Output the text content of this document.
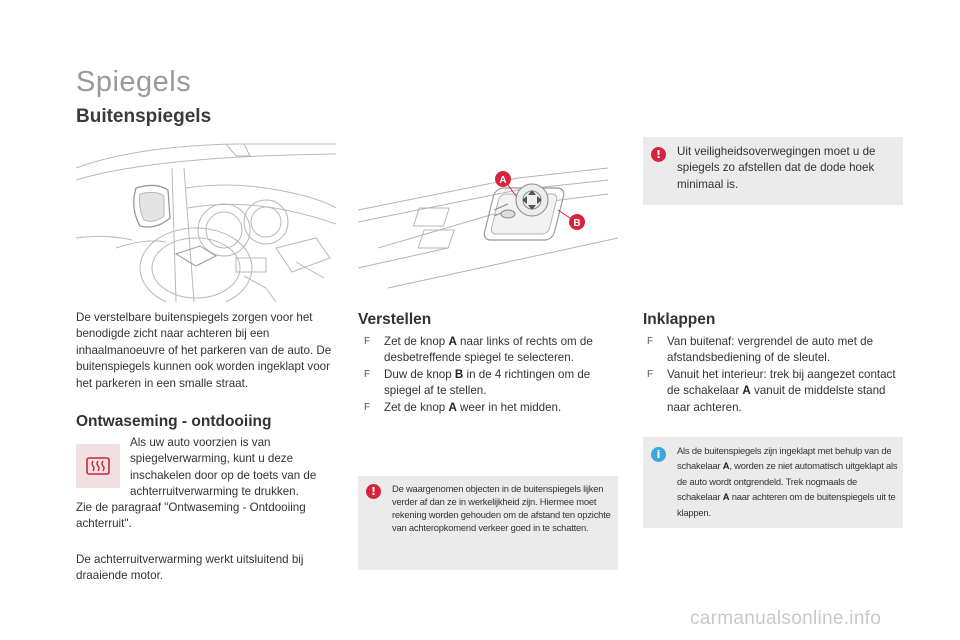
Spiegels
Buitenspiegels
A
B
!	Uit veiligheidsoverwegingen moet u de spiegels zo afstellen dat de dode hoek minimaal is.
De verstelbare buitenspiegels zorgen voor het benodigde zicht naar achteren bij een inhaalmanoeuvre of het parkeren van de auto. De buitenspiegels kunnen ook worden ingeklapt voor het parkeren in een smalle straat.
Ontwaseming - ontdooiing
Als uw auto voorzien is van spiegelverwarming, kunt u deze inschakelen door op de toets van de achterruitverwarming te drukken.
Zie de paragraaf "Ontwaseming - Ontdooiing achterruit".
De achterruitverwarming werkt uitsluitend bij draaiende motor.
Verstellen
F Zet de knop A naar links of rechts om de desbetreffende spiegel te selecteren.
F Duw de knop B in de 4 richtingen om de spiegel af te stellen.
F Zet de knop A weer in het midden.
Inklappen
F Van buitenaf: vergrendel de auto met de afstandsbediening of de sleutel.
F Vanuit het interieur: trek bij aangezet contact de schakelaar A vanuit de middelste stand naar achteren.
!	De waargenomen objecten in de buitenspiegels lijken verder af dan ze in werkelijkheid zijn. Hiermee moet rekening worden gehouden om de afstand ten opzichte van achteropkomend verkeer goed in te schatten.
i	Als de buitenspiegels zijn ingeklapt met behulp van de schakelaar A, worden ze niet automatisch uitgeklapt als de auto wordt ontgrendeld. Trek nogmaals de schakelaar A naar achteren om de buitenspiegels uit te klappen.
carmanualsonline.info
